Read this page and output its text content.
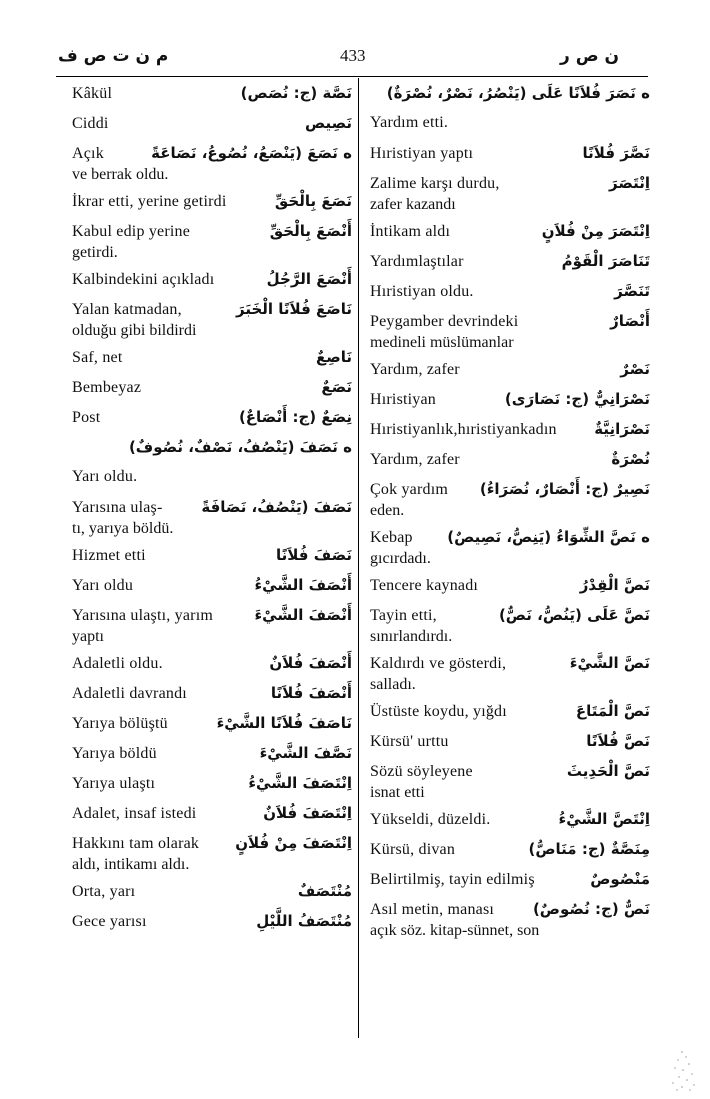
م ن ت ص ف	433	ن ص ر
Kâkül	نَصَّة (ج: نُصَص)
Ciddi	نَصِيص
Açık	ه نَصَعَ (يَنْصَعُ، نُصُوعُ، نَصَاعَةً
ve berrak oldu.
İkrar etti, yerine getirdi	نَصَعَ بِالْحَقِّ
Kabul edip yerine	أَنْصَعَ بِالْحَقِّ
getirdi.
Kalbindekini açıkladı	أَنْصَعَ الرَّجُلُ
Yalan katmadan,	نَاصَعَ فُلاَنًا الْخَبَرَ
olduğu gibi bildirdi
Saf, net	نَاصِعٌ
Bembeyaz	نَصَعٌ
Post	نِصَعٌ (ج: أَنْصَاعٌ)
ه نَصَفَ (يَنْصُفُ، نَصْفٌ، نُصُوفٌ)
Yarı oldu.
Yarısına ulaş-	نَصَفَ (يَنْصُفُ، نَصَافَةً
tı, yarıya böldü.
Hizmet etti	نَصَفَ فُلاَنًا
Yarı oldu	أَنْصَفَ الشَّيْءُ
Yarısına ulaştı, yarım	أَنْصَفَ الشَّيْءَ
yaptı
Adaletli oldu.	أَنْصَفَ فُلاَنٌ
Adaletli davrandı	أَنْصَفَ فُلاَنًا
Yarıya bölüştü	نَاصَفَ فُلاَنًا الشَّيْءَ
Yarıya böldü	نَصَّفَ الشَّيْءَ
Yarıya ulaştı	اِنْتَصَفَ الشَّيْءُ
Adalet, insaf istedi	اِنْتَصَفَ فُلاَنٌ
Hakkını tam olarak اِنْتَصَفَ مِنْ فُلاَنٍ
aldı, intikamı aldı.
Orta, yarı	مُنْتَصَفٌ
Gece yarısı	مُنْتَصَفُ اللَّيْلِ
ه نَصَرَ فُلاَنًا عَلَى (يَنْصُرُ، نَصْرٌ، نُصْرَةٌ)
Yardım etti.
Hıristiyan yaptı	نَصَّرَ فُلاَنًا
Zalime karşı durdu,	اِنْتَصَرَ
zafer kazandı
İntikam aldı	اِنْتَصَرَ مِنْ فُلاَنٍ
Yardımlaştılar	تَنَاصَرَ الْقَوْمُ
Hıristiyan oldu.	تَنَصَّرَ
Peygamber devrindeki	أَنْصَارٌ
medineli müslümanlar
Yardım, zafer	نَصْرٌ
Hıristiyan	نَصْرَانِيٌّ (ج: نَصَارَى)
Hıristiyanlık,hıristiyankadın	نَصْرَانِيَّةٌ
Yardım, zafer	نُصْرَةٌ
Çok yardım نَصِيرٌ (ج: أَنْصَارٌ، نُصَرَاءُ)
eden.
Kebap ه نَصَّ الشِّوَاءُ (يَنِصُّ، نَصِيصٌ)
gıcırdadı.
Tencere kaynadı	نَصَّ الْقِدْرُ
Tayin etti,	نَصَّ عَلَى (يَنُصُّ، نَصٌّ)
sınırlandırdı.
Kaldırdı ve gösterdi,	نَصَّ الشَّيْءَ
salladı.
Üstüste koydu, yığdı	نَصَّ الْمَتَاعَ
Kürsü' urttu	نَصَّ فُلاَنًا
Sözü söyleyene	نَصَّ الْحَدِيثَ
isnat etti
Yükseldi, düzeldi.	اِنْتَصَّ الشَّيْءُ
Kürsü, divan	مِنَصَّةٌ (ج: مَنَاصُّ)
Belirtilmiş, tayin edilmiş	مَنْصُوصٌ
Asıl metin, manası	نَصٌّ (ج: نُصُوصٌ)
açık söz. kitap-sünnet, son
